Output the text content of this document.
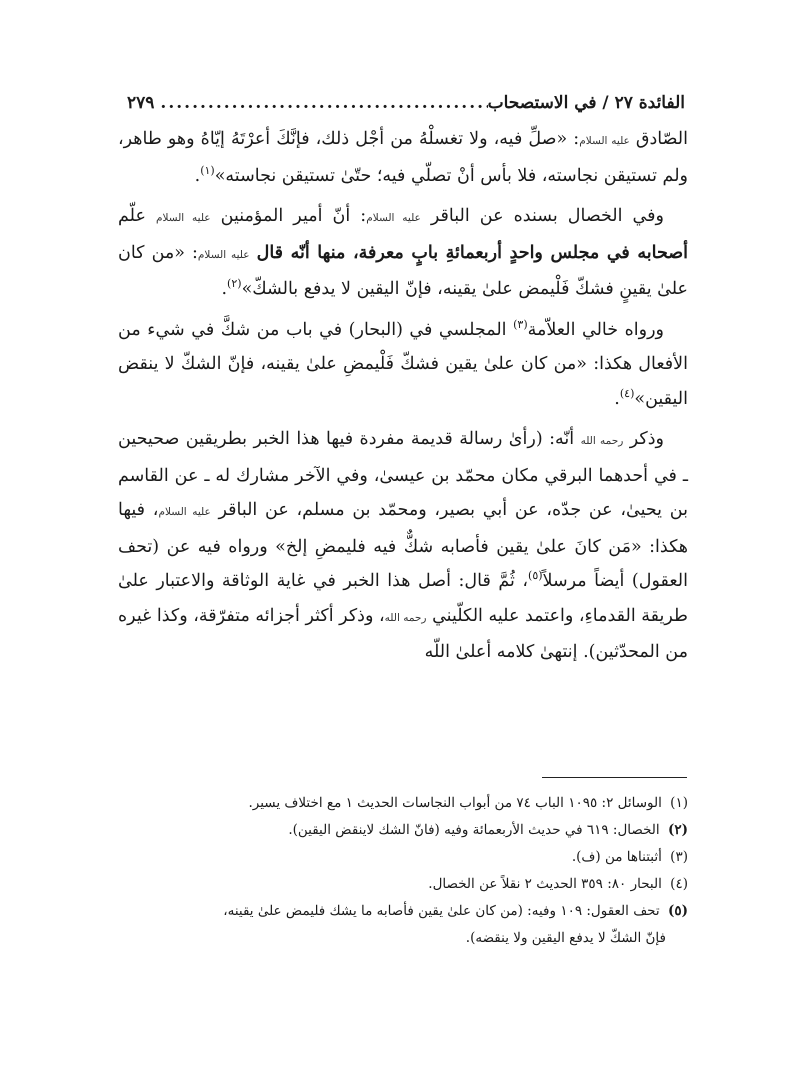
الفائدة ٢٧ / في الاستصحاب
.....
٢٧٩

الصّادق عليه السلام: «صلِّ فيه، ولا تغسلْهُ من أجْل ذلك، فإنَّكَ أعرْتَهُ إيّاهُ وهو طاهر، ولم تستيقن نجاسته، فلا بأس أنْ تصلّي فيه؛ حتّىٰ تستيقن نجاسته»$^{(١)}$.

وفي الخصال بسنده عن الباقر عليه السلام: أنّ أمير المؤمنين عليه السلام علّم أصحابه في مجلس واحدٍ أربعمائةِ بابٍ معرفة، منها أنّه قال عليه السلام: «من كان علىٰ يقينٍ فشكّ فَلْيمض علىٰ يقينه، فإنّ اليقين لا يدفع بالشكّ»$^{(٢)}$.

ورواه خالي العلاّمة$^{(٣)}$ المجلسي في (البحار) في باب من شكَّ في شيء من الأفعال هكذا: «من كان علىٰ يقين فشكّ فَلْيمضِ علىٰ يقينه، فإنّ الشكّ لا ينقض اليقين»$^{(٤)}$.

وذكر رحمه الله أنّه: (رأىٰ رسالة قديمة مفردة فيها هذا الخبر بطريقين صحيحين ـ في أحدهما البرقي مكان محمّد بن عيسىٰ، وفي الآخر مشارك له ـ عن القاسم بن يحيىٰ، عن جدّه، عن أبي بصير، ومحمّد بن مسلم، عن الباقر عليه السلام، فيها هكذا: «مَن كانَ علىٰ يقين فأصابه شكٌّ فيه فليمضِ إلخ» ورواه فيه عن (تحف العقول) أيضاً مرسلاً$^{(٥)}$، ثُمَّ قال: أصل هذا الخبر في غاية الوثاقة والاعتبار علىٰ طريقة القدماءِ، واعتمد عليه الكلّيني رحمه الله، وذكر أكثر أجزائه متفرّقة، وكذا غيره من المحدّثين). إنتهىٰ كلامه أعلىٰ اللّه

(١) الوسائل ٢: ١٠٩٥ الباب ٧٤ من أبواب النجاسات الحديث ١ مع اختلاف يسير.

(٢) الخصال: ٦١٩ في حديث الأربعمائة وفيه (فانّ الشك لاينقض اليقين).

(٣) أثبتناها من (ف).

(٤) البحار ٨٠: ٣٥٩ الحديث ٢ نقلاً عن الخصال.

(٥) تحف العقول: ١٠٩ وفيه: (من كان علىٰ يقين فأصابه ما يشك فليمض علىٰ يقينه،
فإنّ الشكّ لا يدفع اليقين ولا ينقضه).
